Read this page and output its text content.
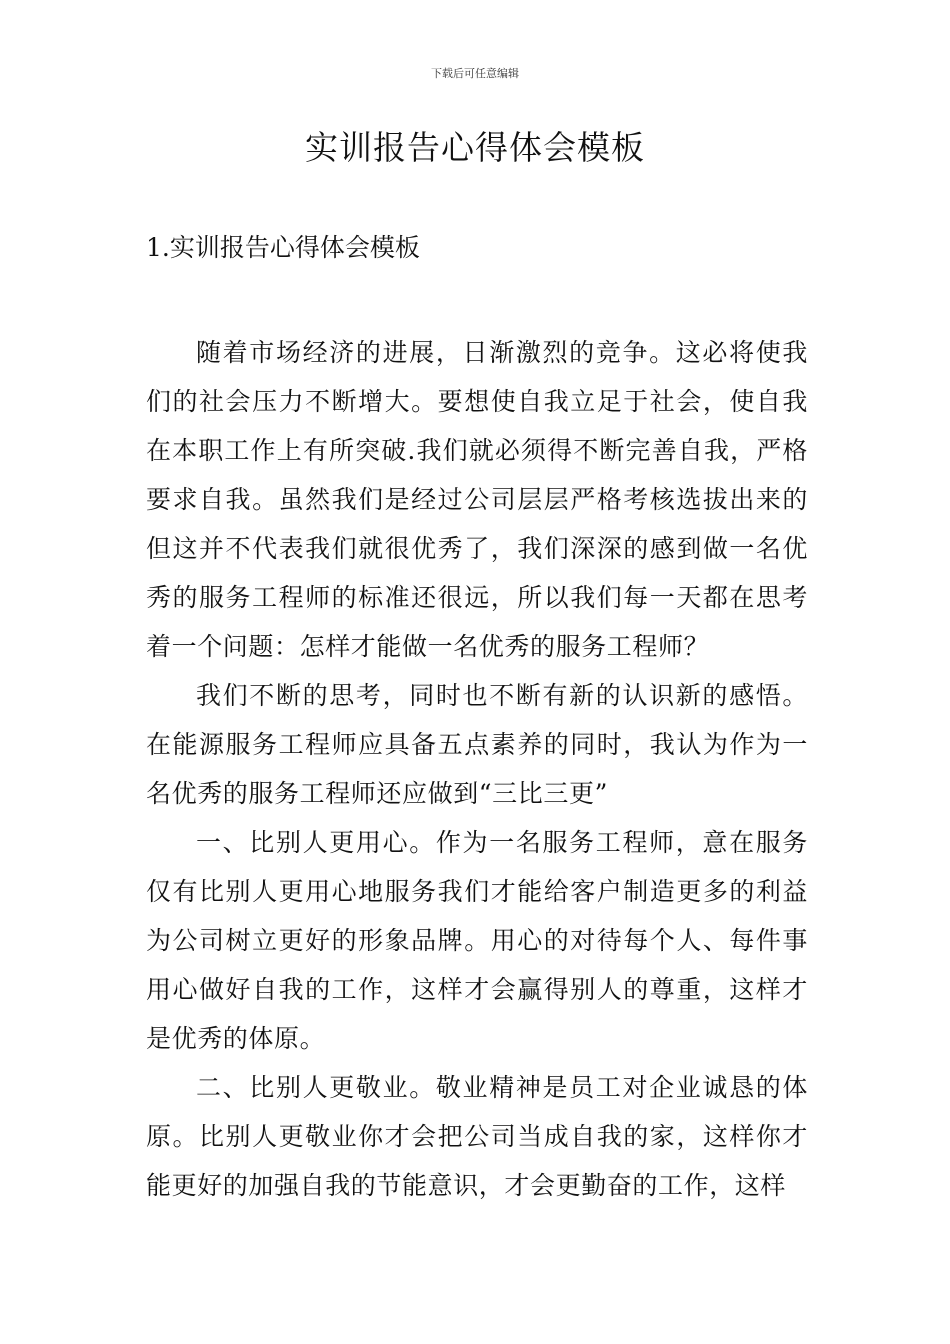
下载后可任意编辑
实训报告心得体会模板
1.实训报告心得体会模板

随着市场经济的进展，日渐激烈的竞争。这必将使我们的社会压力不断增大。要想使自我立足于社会，使自我在本职工作上有所突破.我们就必须得不断完善自我，严格要求自我。虽然我们是经过公司层层严格考核选拔出来的但这并不代表我们就很优秀了，我们深深的感到做一名优秀的服务工程师的标准还很远，所以我们每一天都在思考着一个问题：怎样才能做一名优秀的服务工程师？

我们不断的思考，同时也不断有新的认识新的感悟。在能源服务工程师应具备五点素养的同时，我认为作为一名优秀的服务工程师还应做到“三比三更”

一、比别人更用心。作为一名服务工程师，意在服务仅有比别人更用心地服务我们才能给客户制造更多的利益为公司树立更好的形象品牌。用心的对待每个人、每件事用心做好自我的工作，这样才会赢得别人的尊重，这样才是优秀的体原。

二、比别人更敬业。敬业精神是员工对企业诚恳的体原。比别人更敬业你才会把公司当成自我的家，这样你才能更好的加强自我的节能意识，才会更勤奋的工作，这样
